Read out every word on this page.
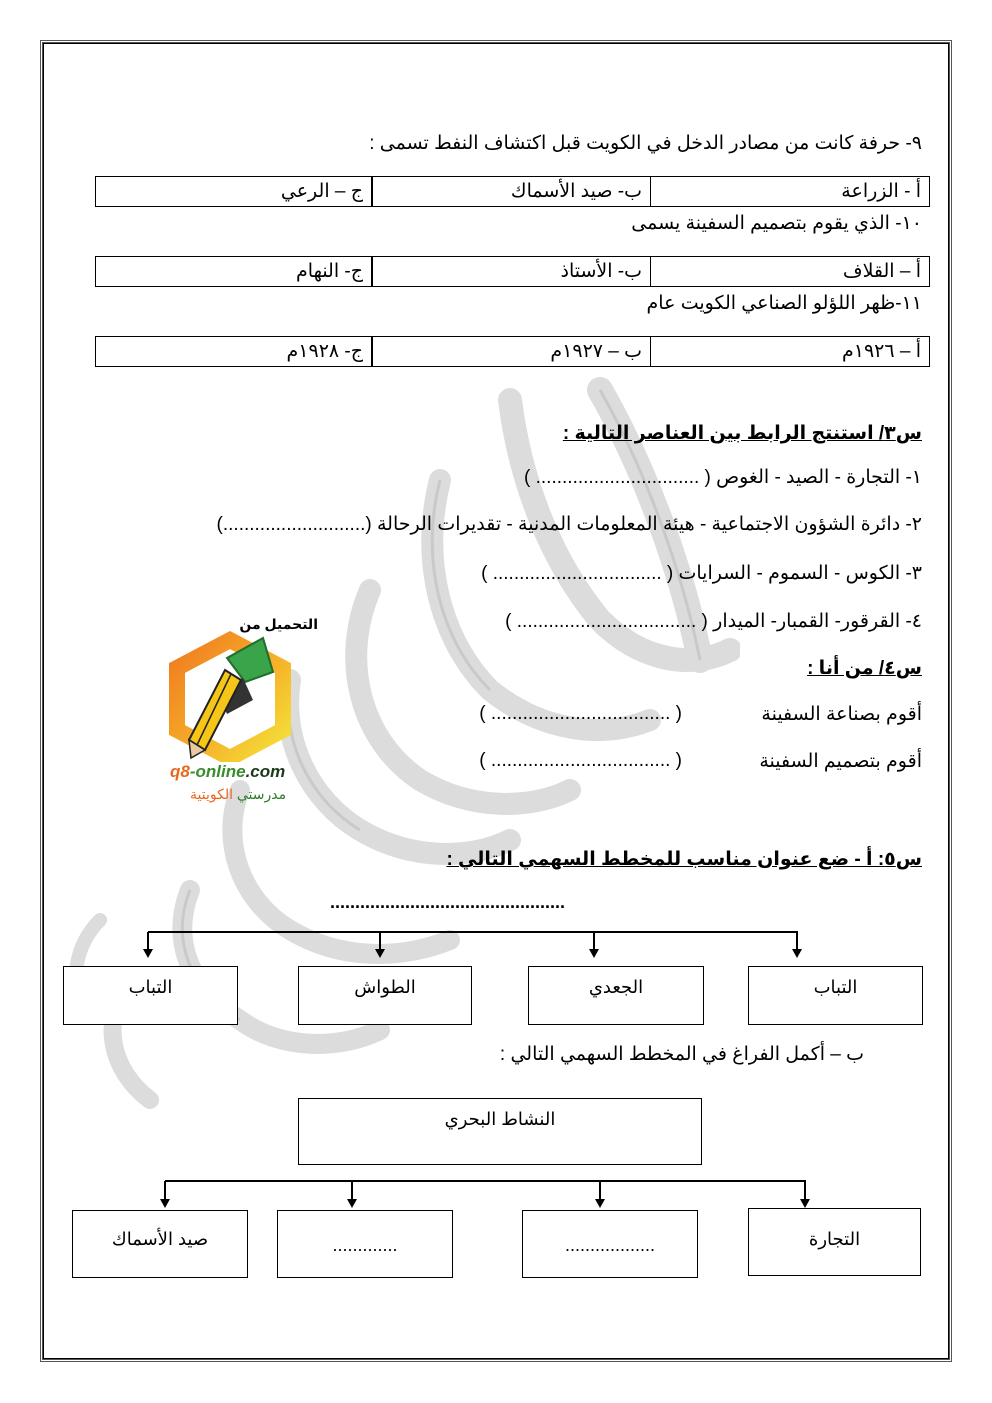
٩- حرفة كانت من مصادر الدخل في الكويت قبل اكتشاف النفط تسمى :
أ - الزراعة
ب- صيد الأسماك
ج – الرعي
١٠- الذي يقوم بتصميم السفينة يسمى
أ – القلاف
ب- الأستاذ
ج- النهام
١١-ظهر اللؤلو الصناعي الكويت عام
أ – ١٩٢٦م
ب – ١٩٢٧م
ج- ١٩٢٨م
س٣/ استنتج الرابط بين العناصر التالية :
١- التجارة - الصيد - الغوص ( ............................... )
٢- دائرة الشؤون الاجتماعية - هيئة المعلومات المدنية - تقديرات الرحالة (...........................)
٣- الكوس - السموم - السرايات ( ................................ )
٤- القرقور- القمبار- الميدار ( .................................. )
التحميل من
q8-online.com
مدرستي الكويتية
س٤/ من أنا :
أقوم بصناعة السفينة
( .................................. )
أقوم بتصميم السفينة
( .................................. )
س٥: أ - ضع عنوان مناسب للمخطط السهمي التالي :
...............................................
التباب
الجعدي
الطواش
التباب
ب – أكمل الفراغ في المخطط السهمي التالي :
النشاط البحري
التجارة
..................
.............
صيد الأسماك
